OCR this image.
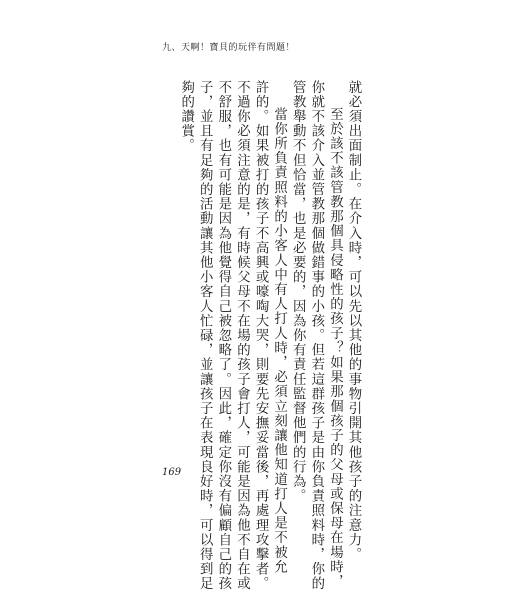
九、天啊！寶貝的玩伴有問題！
就必須出面制止。在介入時，可以先以其他的事物引開其他孩子的注意力。
至於該不該管教那個具侵略性的孩子？如果那個孩子的父母或保母在場時，
你就不該介入並管教那個做錯事的小孩。但若這群孩子是由你負責照料時，你的
管教舉動不但恰當，也是必要的，因為你有責任監督他們的行為。
當你所負責照料的小客人中有人打人時，必須立刻讓他知道打人是不被允
許的。如果被打的孩子不高興或嚎啕大哭，則要先安撫妥當後，再處理攻擊者。
不過你必須注意的是，有時候父母不在場的孩子會打人，可能是因為他不自在或
不舒服，也有可能是因為他覺得自己被忽略了。因此，確定你沒有偏顧自己的孩
子，並且有足夠的活動讓其他小客人忙碌，並讓孩子在表現良好時，可以得到足
夠的讚賞。
169
